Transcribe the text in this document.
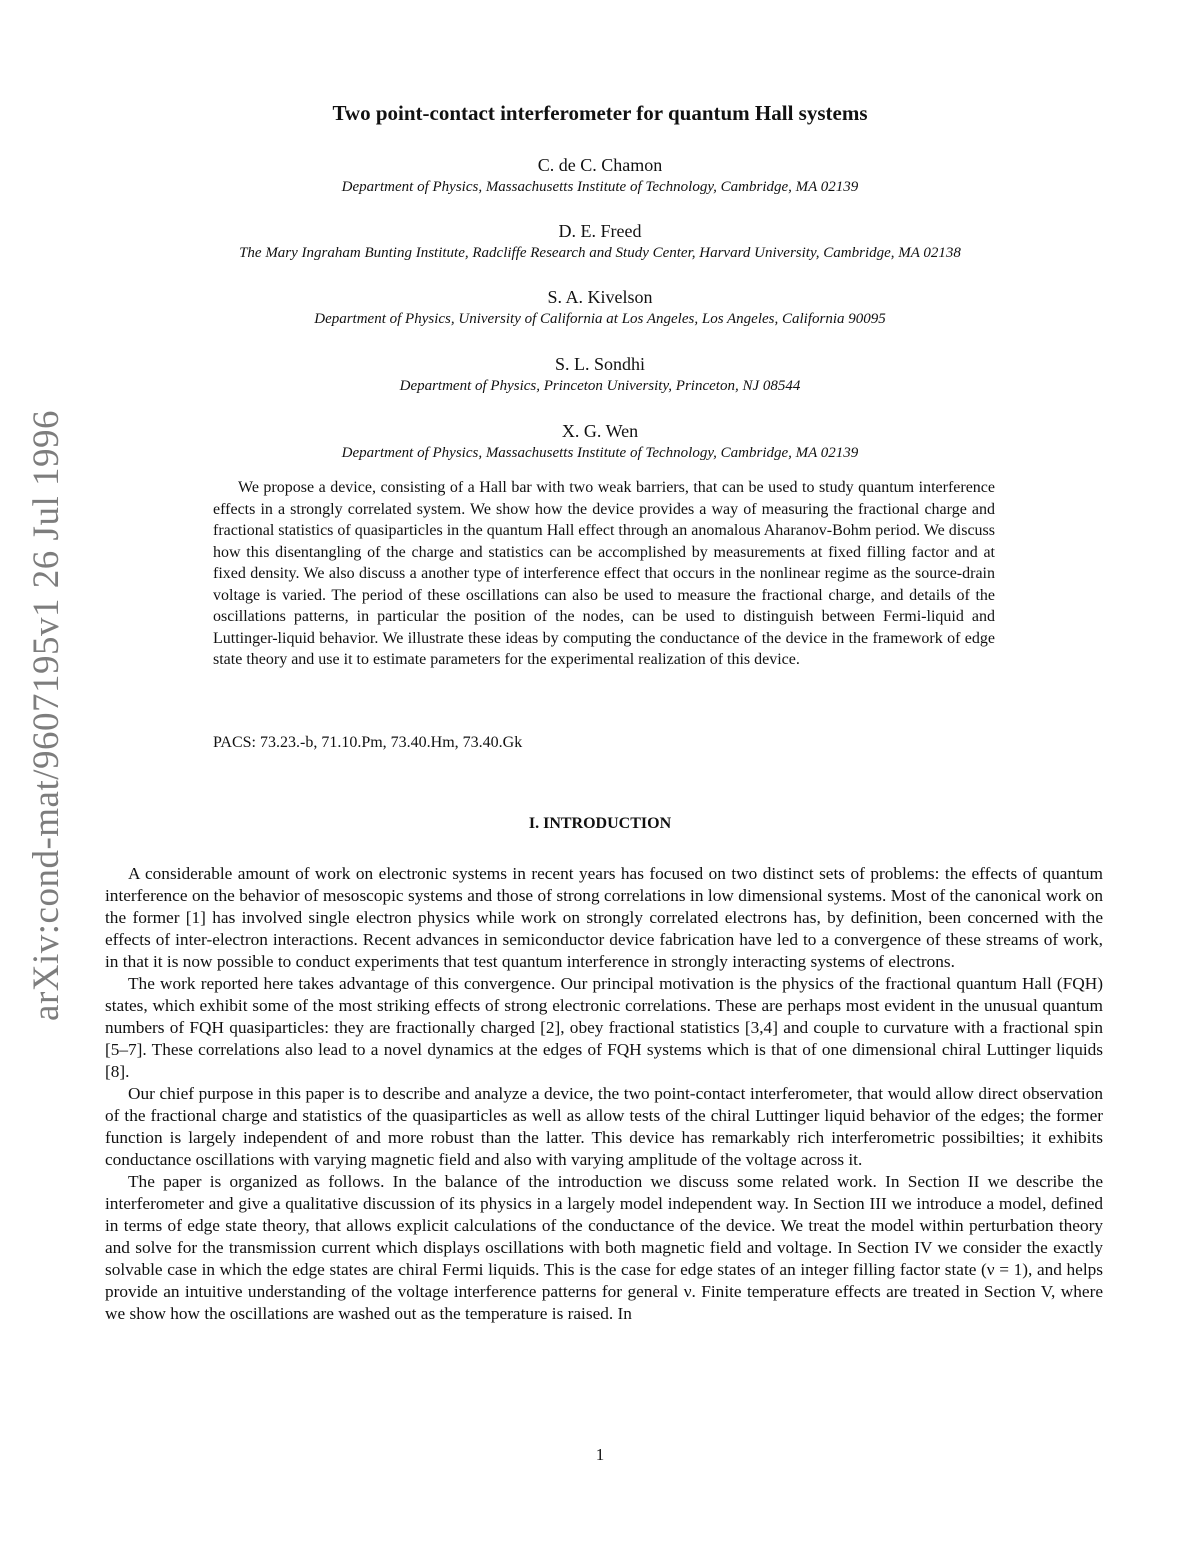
arXiv:cond-mat/9607195v1 26 Jul 1996
Two point-contact interferometer for quantum Hall systems
C. de C. Chamon
Department of Physics, Massachusetts Institute of Technology, Cambridge, MA 02139
D. E. Freed
The Mary Ingraham Bunting Institute, Radcliffe Research and Study Center, Harvard University, Cambridge, MA 02138
S. A. Kivelson
Department of Physics, University of California at Los Angeles, Los Angeles, California 90095
S. L. Sondhi
Department of Physics, Princeton University, Princeton, NJ 08544
X. G. Wen
Department of Physics, Massachusetts Institute of Technology, Cambridge, MA 02139

We propose a device, consisting of a Hall bar with two weak barriers, that can be used to study quantum interference effects in a strongly correlated system. We show how the device provides a way of measuring the fractional charge and fractional statistics of quasiparticles in the quantum Hall effect through an anomalous Aharanov-Bohm period. We discuss how this disentangling of the charge and statistics can be accomplished by measurements at fixed filling factor and at fixed density. We also discuss a another type of interference effect that occurs in the nonlinear regime as the source-drain voltage is varied. The period of these oscillations can also be used to measure the fractional charge, and details of the oscillations patterns, in particular the position of the nodes, can be used to distinguish between Fermi-liquid and Luttinger-liquid behavior. We illustrate these ideas by computing the conductance of the device in the framework of edge state theory and use it to estimate parameters for the experimental realization of this device.

PACS: 73.23.-b, 71.10.Pm, 73.40.Hm, 73.40.Gk
I. INTRODUCTION

A considerable amount of work on electronic systems in recent years has focused on two distinct sets of problems: the effects of quantum interference on the behavior of mesoscopic systems and those of strong correlations in low dimensional systems. Most of the canonical work on the former [1] has involved single electron physics while work on strongly correlated electrons has, by definition, been concerned with the effects of inter-electron interactions. Recent advances in semiconductor device fabrication have led to a convergence of these streams of work, in that it is now possible to conduct experiments that test quantum interference in strongly interacting systems of electrons.

The work reported here takes advantage of this convergence. Our principal motivation is the physics of the fractional quantum Hall (FQH) states, which exhibit some of the most striking effects of strong electronic correlations. These are perhaps most evident in the unusual quantum numbers of FQH quasiparticles: they are fractionally charged [2], obey fractional statistics [3,4] and couple to curvature with a fractional spin [5–7]. These correlations also lead to a novel dynamics at the edges of FQH systems which is that of one dimensional chiral Luttinger liquids [8].

Our chief purpose in this paper is to describe and analyze a device, the two point-contact interferometer, that would allow direct observation of the fractional charge and statistics of the quasiparticles as well as allow tests of the chiral Luttinger liquid behavior of the edges; the former function is largely independent of and more robust than the latter. This device has remarkably rich interferometric possibilties; it exhibits conductance oscillations with varying magnetic field and also with varying amplitude of the voltage across it.

The paper is organized as follows. In the balance of the introduction we discuss some related work. In Section II we describe the interferometer and give a qualitative discussion of its physics in a largely model independent way. In Section III we introduce a model, defined in terms of edge state theory, that allows explicit calculations of the conductance of the device. We treat the model within perturbation theory and solve for the transmission current which displays oscillations with both magnetic field and voltage. In Section IV we consider the exactly solvable case in which the edge states are chiral Fermi liquids. This is the case for edge states of an integer filling factor state (ν = 1), and helps provide an intuitive understanding of the voltage interference patterns for general ν. Finite temperature effects are treated in Section V, where we show how the oscillations are washed out as the temperature is raised. In

1
